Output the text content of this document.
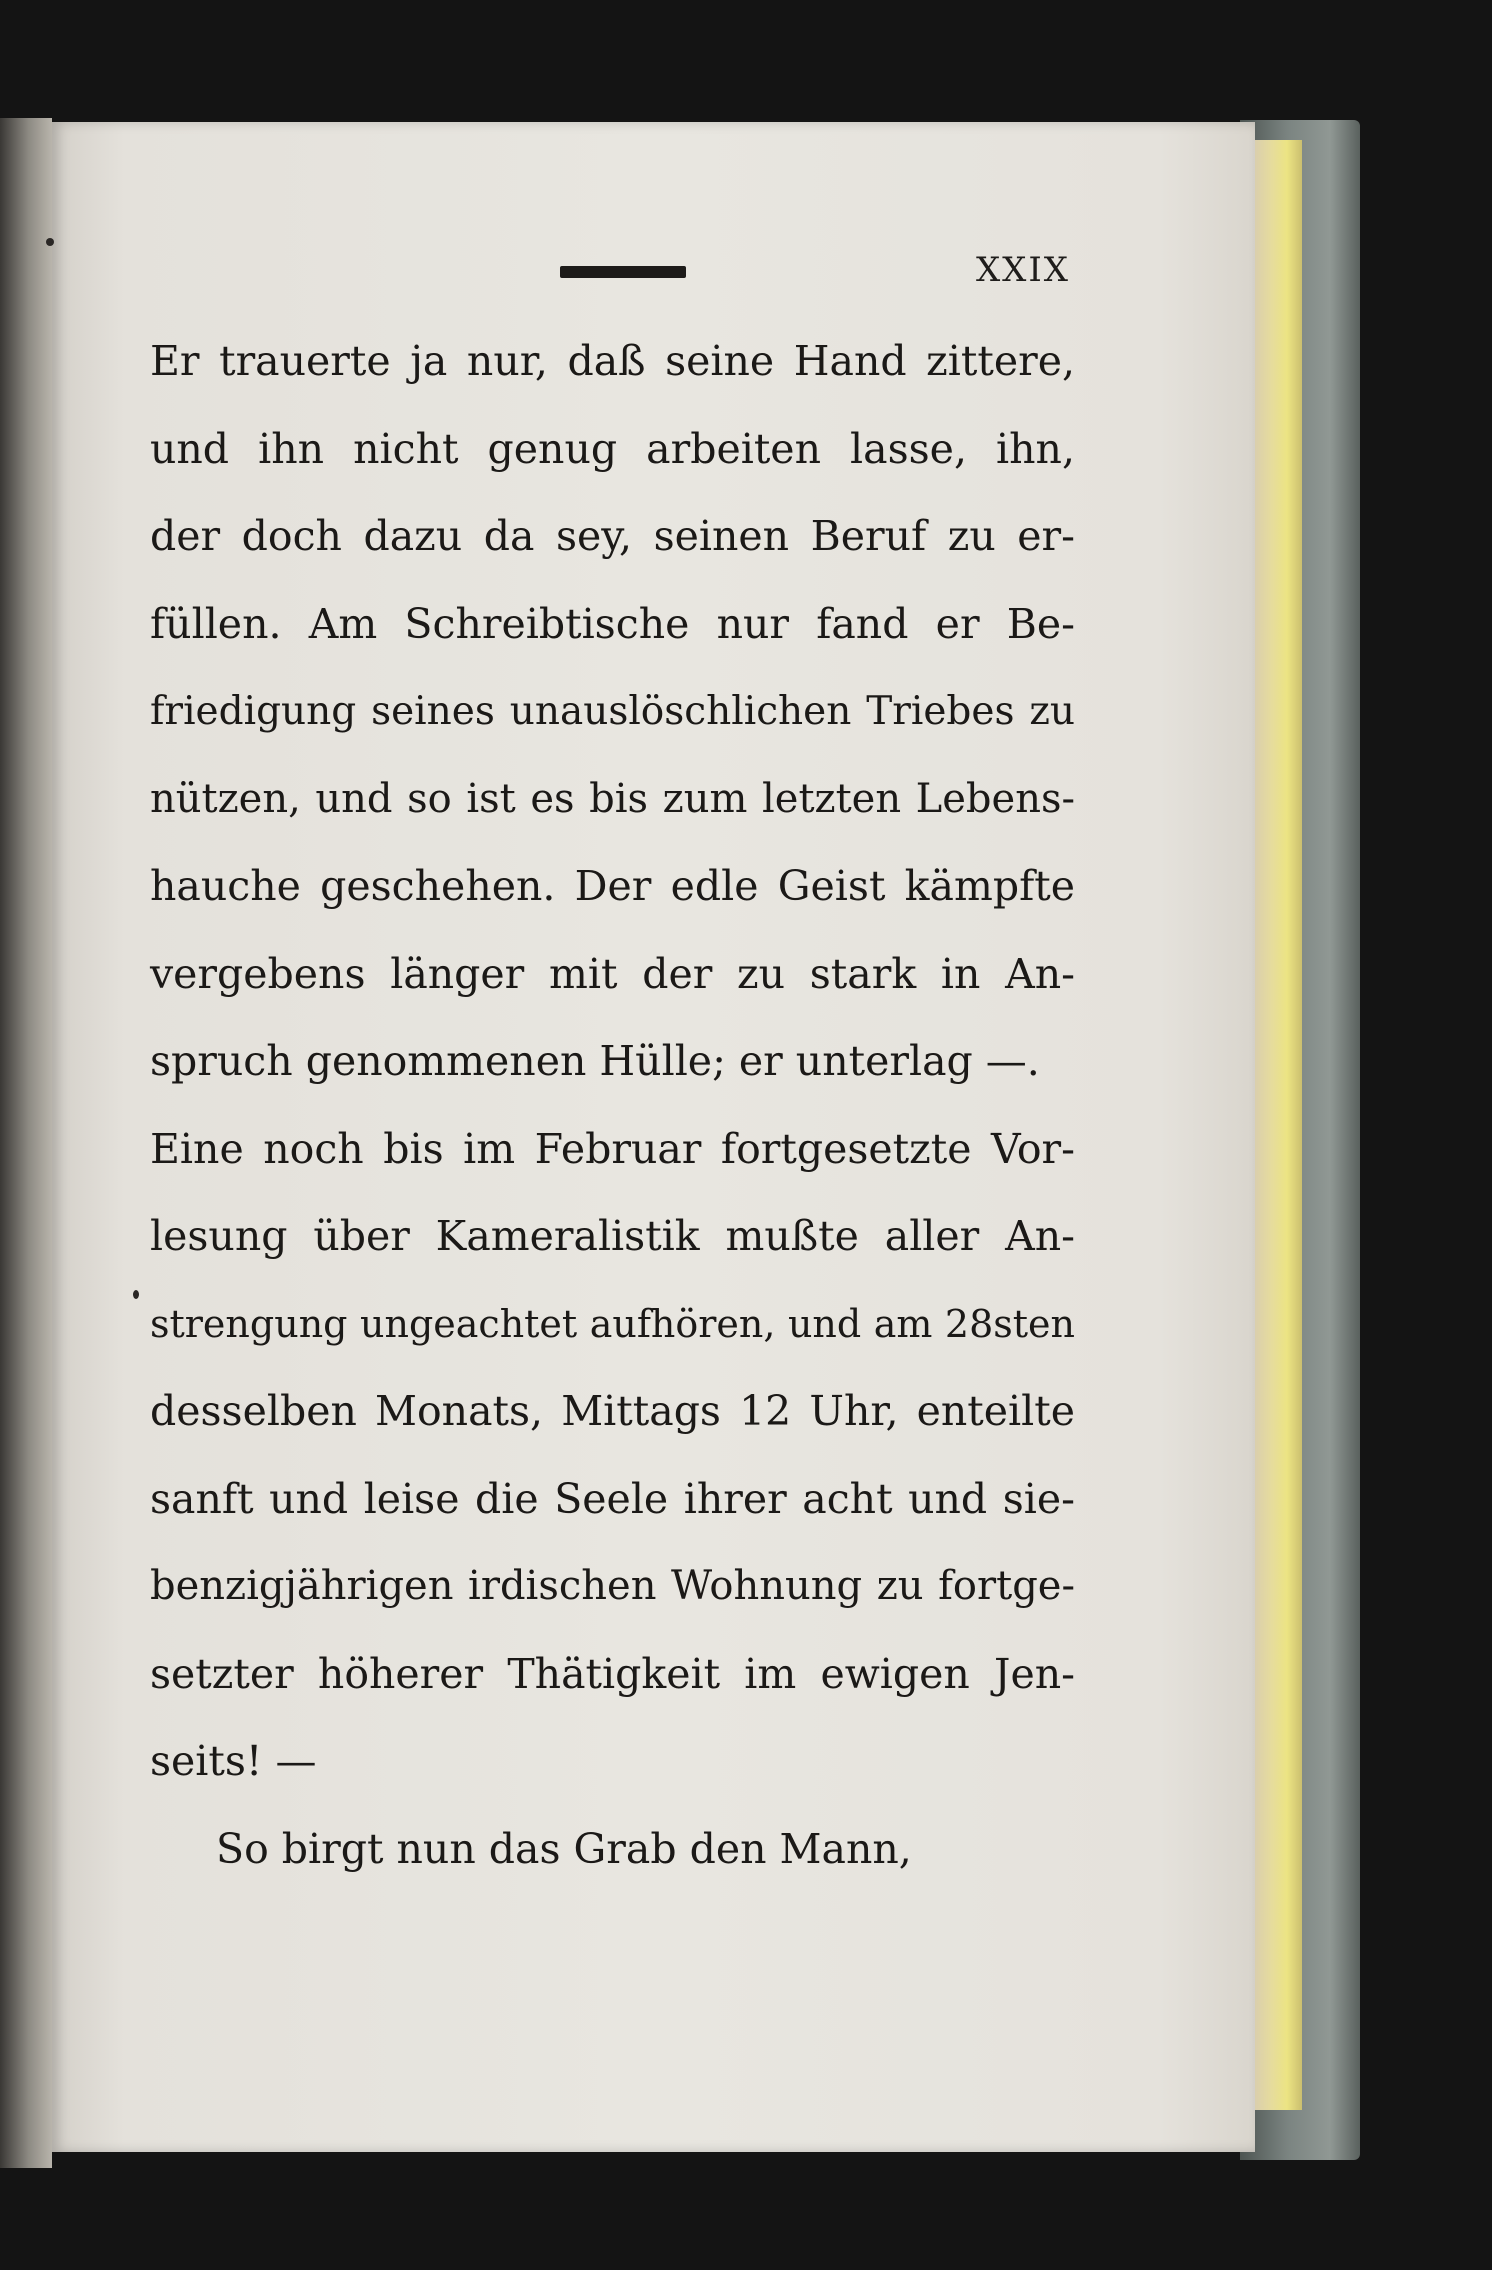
XXIX
Er trauerte ja nur, daß seine Hand zittere,
und ihn nicht genug arbeiten lasse, ihn,
der doch dazu da sey, seinen Beruf zu er-
füllen. Am Schreibtische nur fand er Be-
friedigung seines unauslöschlichen Triebes zu
nützen, und so ist es bis zum letzten Lebens-
hauche geschehen. Der edle Geist kämpfte
vergebens länger mit der zu stark in An-
spruch genommenen Hülle; er unterlag —.
Eine noch bis im Februar fortgesetzte Vor-
lesung über Kameralistik mußte aller An-
strengung ungeachtet aufhören, und am 28sten
desselben Monats, Mittags 12 Uhr, enteilte
sanft und leise die Seele ihrer acht und sie-
benzigjährigen irdischen Wohnung zu fortge-
setzter höherer Thätigkeit im ewigen Jen-
seits! —
So birgt nun das Grab den Mann,
